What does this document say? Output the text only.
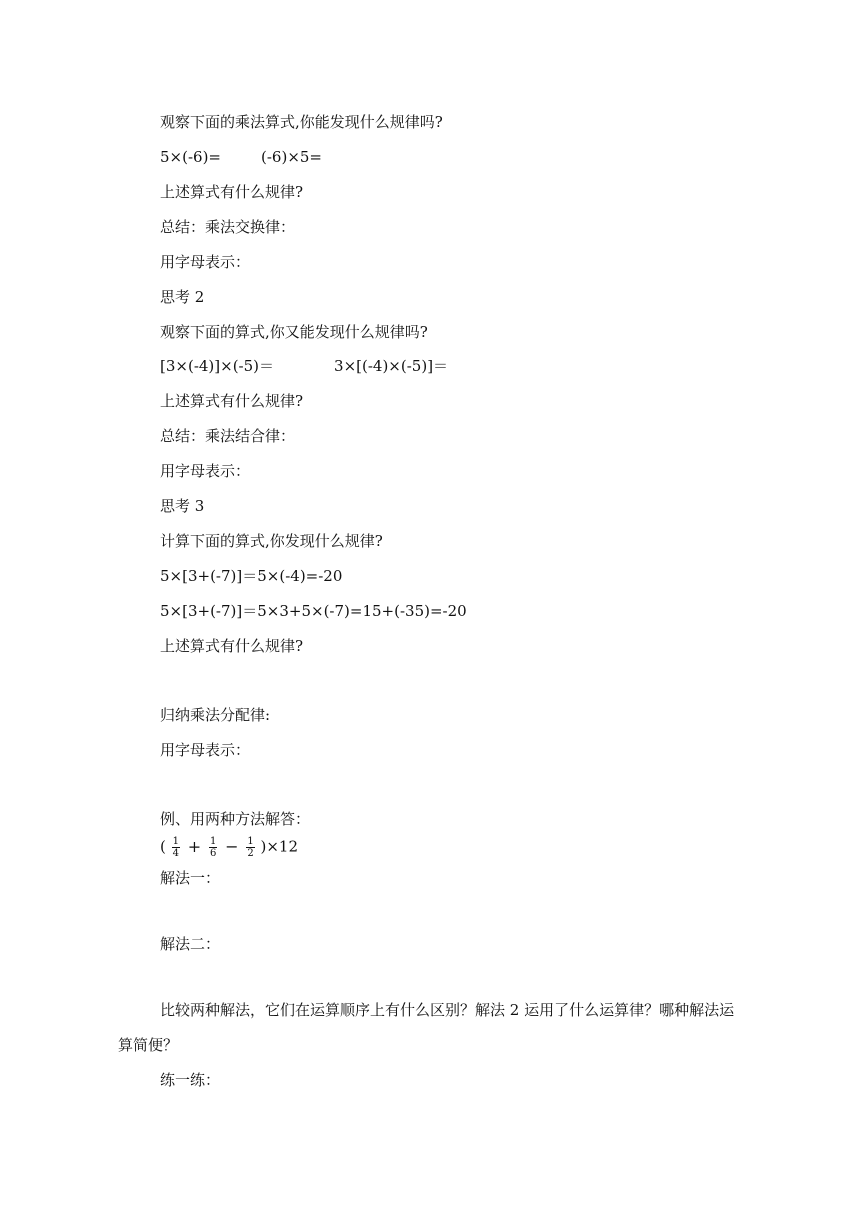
观察下面的乘法算式,你能发现什么规律吗?
5×(-6)=	(-6)×5=
上述算式有什么规律?
总结：乘法交换律：
用字母表示：
思考 2
观察下面的算式,你又能发现什么规律吗?
[3×(-4)]×(-5)＝	3×[(-4)×(-5)]＝
上述算式有什么规律?
总结：乘法结合律：
用字母表示：
思考 3
计算下面的算式,你发现什么规律?
5×[3+(-7)]＝5×(-4)=-20
5×[3+(-7)]＝5×3+5×(-7)=15+(-35)=-20
上述算式有什么规律?
归纳乘法分配律:
用字母表示：
例、用两种方法解答：
( $\frac{1}{4} + \frac{1}{6} - \frac{1}{2} )\times 12$
解法一：
解法二：
比较两种解法，它们在运算顺序上有什么区别？解法 2 运用了什么运算律？哪种解法运
算简便？
练一练：
